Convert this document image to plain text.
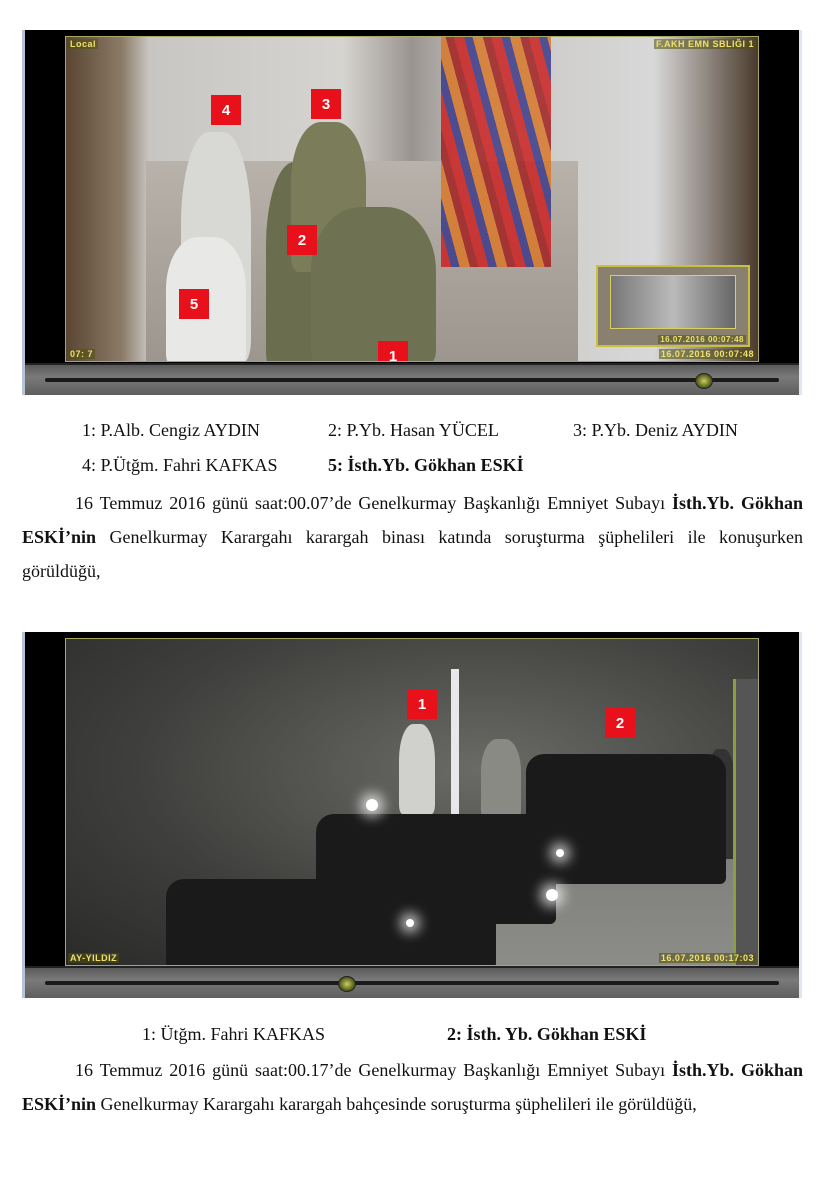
16.07.2016 00:07:48
Local	F.AKH EMN SBLIĞI 1
07: 7	16.07.2016 00:07:48
4	3
2
5
1
1: P.Alb. Cengiz AYDIN	2: P.Yb. Hasan YÜCEL	3: P.Yb. Deniz AYDIN
4: P.Ütğm. Fahri KAFKAS	5: İsth.Yb. Gökhan ESKİ
16 Temmuz 2016 günü saat:00.07’de Genelkurmay Başkanlığı Emniyet Subayı İsth.Yb. Gökhan ESKİ’nin Genelkurmay Karargahı karargah binası katında soruşturma şüphelileri ile konuşurken görüldüğü,
AY-YILDIZ	16.07.2016 00:17:03
1
2
1: Ütğm. Fahri KAFKAS	2: İsth. Yb. Gökhan ESKİ
16 Temmuz 2016 günü saat:00.17’de Genelkurmay Başkanlığı Emniyet Subayı İsth.Yb. Gökhan ESKİ’nin Genelkurmay Karargahı karargah bahçesinde soruşturma şüphelileri ile görüldüğü,
